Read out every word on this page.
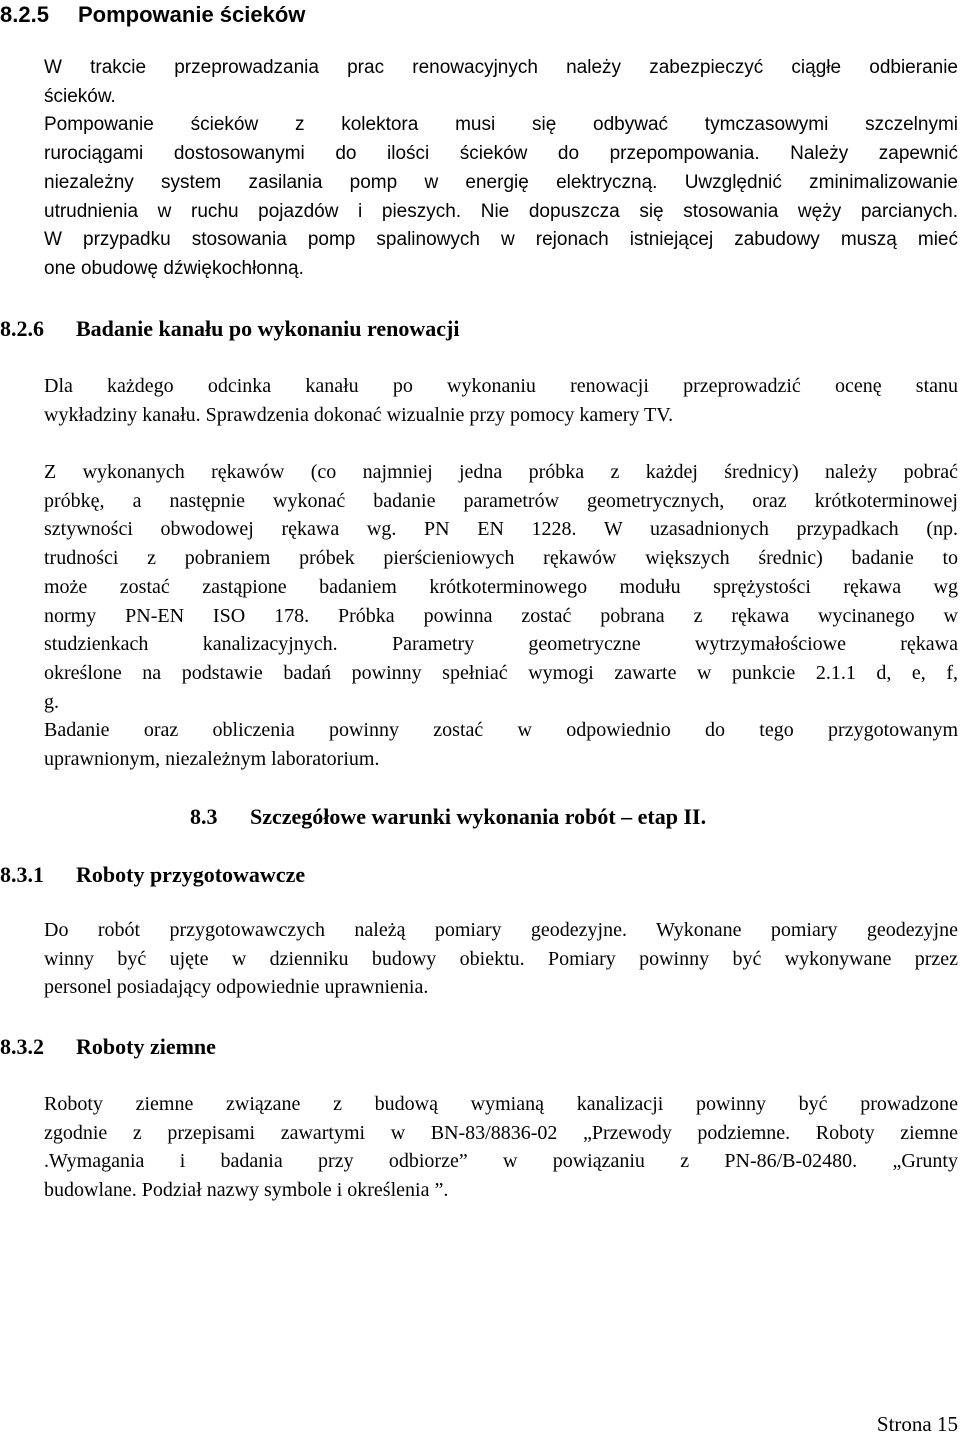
8.2.5 Pompowanie ścieków
W trakcie przeprowadzania prac renowacyjnych należy zabezpieczyć ciągłe odbieranie
ścieków.
Pompowanie ścieków z kolektora musi się odbywać tymczasowymi szczelnymi
rurociągami dostosowanymi do ilości ścieków do przepompowania. Należy zapewnić
niezależny system zasilania pomp w energię elektryczną. Uwzględnić zminimalizowanie
utrudnienia w ruchu pojazdów i pieszych. Nie dopuszcza się stosowania węży parcianych.
W przypadku stosowania pomp spalinowych w rejonach istniejącej zabudowy muszą mieć
one obudowę dźwiękochłonną.
8.2.6 Badanie kanału po wykonaniu renowacji
Dla każdego odcinka kanału po wykonaniu renowacji przeprowadzić ocenę stanu
wykładziny kanału. Sprawdzenia dokonać wizualnie przy pomocy kamery TV.
Z wykonanych rękawów (co najmniej jedna próbka z każdej średnicy) należy pobrać
próbkę, a następnie wykonać badanie parametrów geometrycznych, oraz krótkoterminowej
sztywności obwodowej rękawa wg. PN EN 1228. W uzasadnionych przypadkach (np.
trudności z pobraniem próbek pierścieniowych rękawów większych średnic) badanie to
może zostać zastąpione badaniem krótkoterminowego modułu sprężystości rękawa wg
normy PN-EN ISO 178. Próbka powinna zostać pobrana z rękawa wycinanego w
studzienkach kanalizacyjnych. Parametry geometryczne wytrzymałościowe rękawa
określone na podstawie badań powinny spełniać wymogi zawarte w punkcie 2.1.1 d, e, f,
g.
Badanie oraz obliczenia powinny zostać w odpowiednio do tego przygotowanym
uprawnionym, niezależnym laboratorium.
8.3 Szczegółowe warunki wykonania robót – etap II.
8.3.1 Roboty przygotowawcze
Do robót przygotowawczych należą pomiary geodezyjne. Wykonane pomiary geodezyjne
winny być ujęte w dzienniku budowy obiektu. Pomiary powinny być wykonywane przez
personel posiadający odpowiednie uprawnienia.
8.3.2 Roboty ziemne
Roboty ziemne związane z budową wymianą kanalizacji powinny być prowadzone
zgodnie z przepisami zawartymi w BN-83/8836-02 „Przewody podziemne. Roboty ziemne
.Wymagania i badania przy odbiorze” w powiązaniu z PN-86/B-02480. „Grunty
budowlane. Podział nazwy symbole i określenia ”.
Strona 15
